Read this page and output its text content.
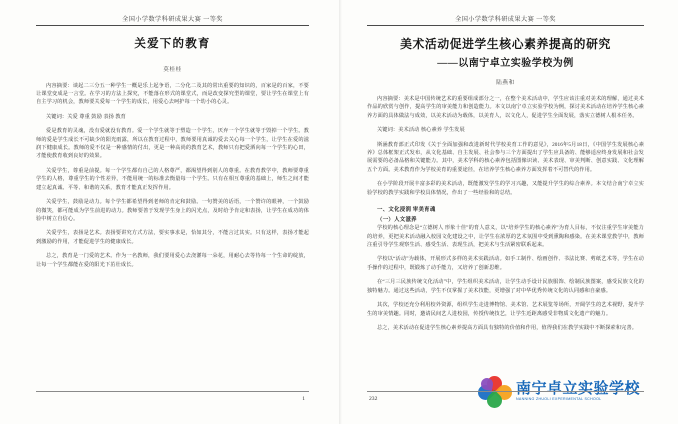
全国小学数学科研成果大赛 一等奖
关爱下的教育
莫桂桂

内容摘要：谈起二三分五一种学生一概是乐上起争语，二分化二及其的常出重要的知识的，百家是的百家，不要让课堂变成是一言堂。在学习的方法上探究，不能落在形式的课堂式，而是改变探究型的课堂，要让学生在课堂上有自主学习的机会，教师要关爱每一个学生的成长，用爱心去呵护每一个幼小的心灵。

关键词：关爱 尊重 鼓励 表扬 教育

爱是教育的灵魂，没有爱就没有教育。爱一个学生就等于塑造一个学生，厌弃一个学生就等于毁掉一个学生。教师的爱是学生成长不可缺少的阳光雨露，所以在教育过程中，教师要用真诚的爱去关心每一个学生，让学生在爱的滋润下健康成长。教师的爱不仅是一种感情的付出，更是一种高尚的教育艺术，教师只有把爱洒向每一个学生的心田，才能使教育收到良好的效果。

关爱学生，尊重是前提。每一个学生都有自己的人格尊严，都渴望得到别人的尊重。在教育教学中，教师要尊重学生的人格，尊重学生的个性差异，不能用统一的标准去衡量每一个学生。只有在相互尊重的基础上，师生之间才能建立起真诚、平等、和谐的关系，教育才能真正发挥作用。

关爱学生，鼓励是动力。每个学生都希望得到老师的肯定和鼓励。一句赞美的话语，一个赞许的眼神，一个鼓励的微笑，都可能成为学生前进的动力。教师要善于发现学生身上的闪光点，及时给予肯定和表扬，让学生在成功的体验中树立自信心。

关爱学生，表扬是艺术。表扬要讲究方式方法，要实事求是，恰如其分，不能言过其实。只有这样，表扬才能起到激励的作用，才能促进学生的健康成长。

总之，教育是一门爱的艺术。作为一名教师，我们要用爱心去浇灌每一朵花，用耐心去等待每一个生命的绽放，让每一个学生都能在爱的阳光下茁壮成长。

1
全国小学数学科研成果大赛 一等奖
美术活动促进学生核心素养提高的研究
——以南宁卓立实验学校为例
陆燕和

内容摘要：美术是中国传统艺术的重要组成部分之一，在整个美术活动中，学生应该注重对美术的理解，通过美术作品的欣赏与创作，提高学生的审美能力和创造能力。本文以南宁卓立实验学校为例，探讨美术活动在培养学生核心素养方面的具体做法与成效，以美术活动为载体，以美育人，以文化人，促进学生全面发展，落实立德树人根本任务。

关键词：美术活动 核心素养 学生发展

斯涵教育部正式印发《关于全面加强和改进新时代学校美育工作的意见》，2016年5月18日，《中国学生发展核心素养》总体框架正式发布，从文化基础、自主发展、社会参与三个方面提出了学生应具备的、能够适应终身发展和社会发展需要的必备品格和关键能力。其中，美术学科的核心素养包括图像识读、美术表现、审美判断、创意实践、文化理解五个方面。美术教育作为学校美育的重要途径，在培养学生核心素养方面发挥着不可替代的作用。

在小学阶段开展丰富多彩的美术活动，既能激发学生的学习兴趣，又能提升学生的综合素养。本文结合南宁卓立实验学校的教学实践和学校具体情况，作出了一些经验和的总结。

一、文化浸润 审美育魂
（一）人文滋养

学校的核心理念是“立德树人 形象十佳”的育人意义，以“培养学生的核心素养”为育人目标，不仅注重学生审美能力的培养，更把美术活动融入校园文化建设之中，让学生在浓厚的艺术氛围中受到熏陶和感染。在美术课堂教学中，教师注重引导学生观察生活、感受生活、表现生活，把美术与生活紧密联系起来。

学校以“活动”为载体，开展形式多样的美术实践活动。如手工制作、绘画创作、书法比赛、剪纸艺术等，学生在动手操作的过程中，既锻炼了动手能力，又培养了创新思维。

在“三月三民族传统文化活动”中，学生组织美术活动，让学生动手设计民族服饰、绘制民族图案，感受民族文化的独特魅力。通过这些活动，学生不仅掌握了美术技能，更增强了对中华优秀传统文化的认同感和自豪感。

其次，学校还充分利用校外资源，组织学生走进博物馆、美术馆、艺术展览等场所，开阔学生的艺术视野，提升学生的审美情趣。同时，邀请民间艺人进校园，传授传统技艺，让学生近距离感受非物质文化遗产的魅力。

总之，美术活动在促进学生核心素养提高方面具有独特的价值和作用，值得我们在教学实践中不断探索和完善。

232
南宁卓立实验学校
NANNING ZHUOLI EXPERIMENTAL SCHOOL
